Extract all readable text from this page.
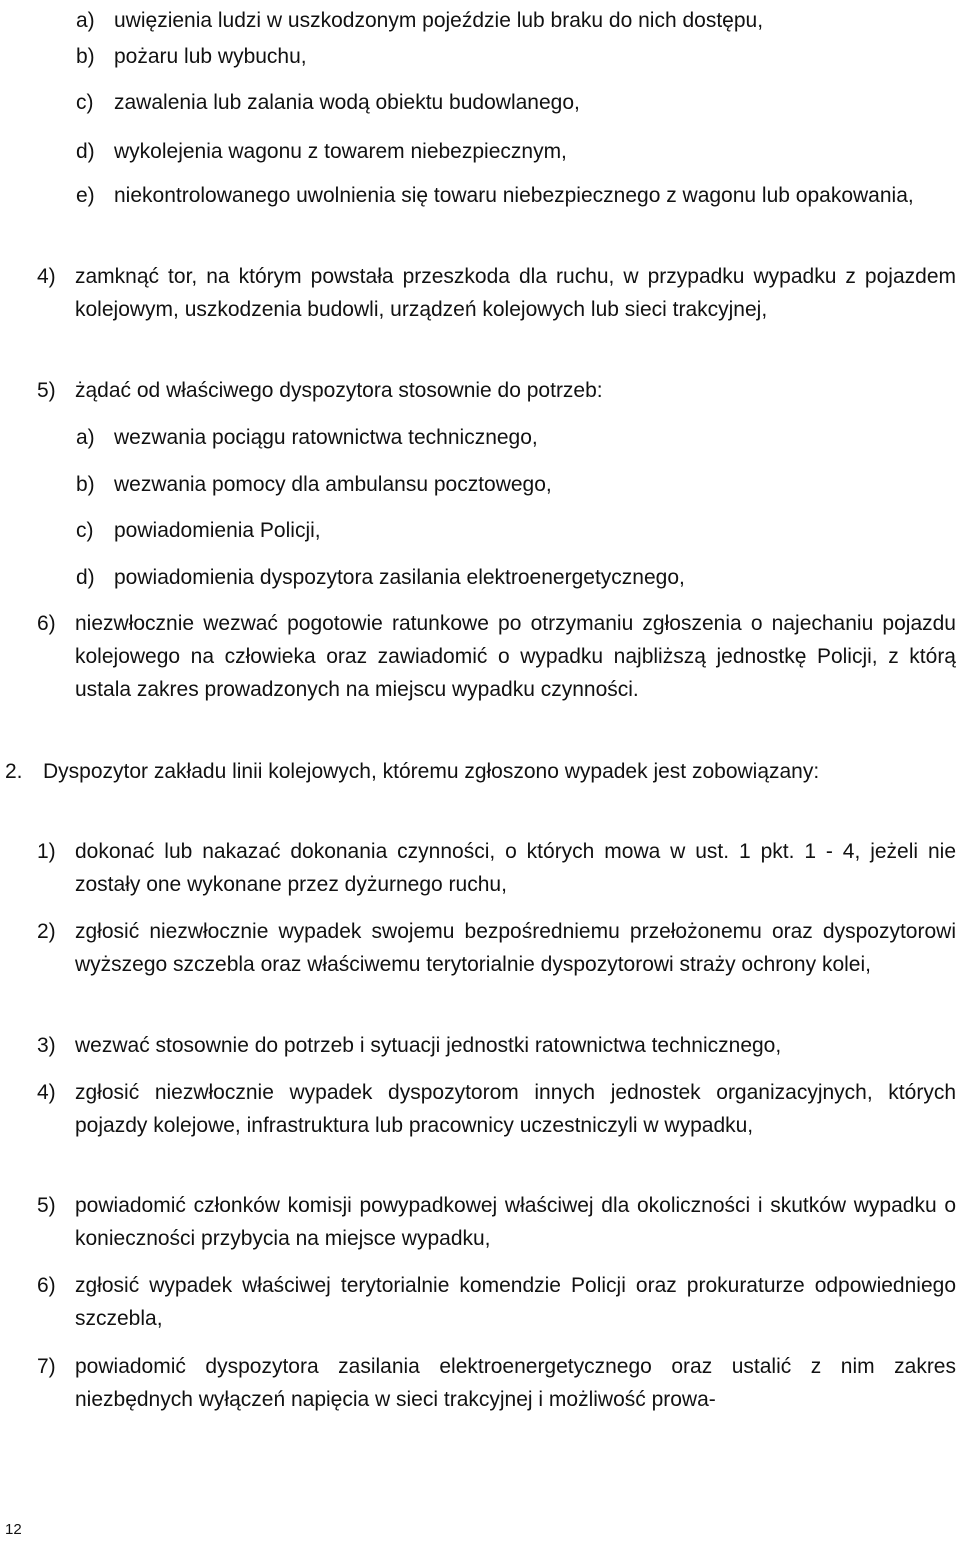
a) uwięzienia ludzi w uszkodzonym pojeździe lub braku do nich dostępu,
b) pożaru lub wybuchu,
c) zawalenia lub zalania wodą obiektu budowlanego,
d) wykolejenia wagonu z towarem niebezpiecznym,
e) niekontrolowanego uwolnienia się towaru niebezpiecznego z wagonu lub opakowania,
4) zamknąć tor, na którym powstała przeszkoda dla ruchu, w przypadku wypadku z pojazdem kolejowym, uszkodzenia budowli, urządzeń kolejowych lub sieci trakcyjnej,
5) żądać od właściwego dyspozytora stosownie do potrzeb:
a) wezwania pociągu ratownictwa technicznego,
b) wezwania pomocy dla ambulansu pocztowego,
c) powiadomienia Policji,
d) powiadomienia dyspozytora zasilania elektroenergetycznego,
6) niezwłocznie wezwać pogotowie ratunkowe po otrzymaniu zgłoszenia o najechaniu pojazdu kolejowego na człowieka oraz zawiadomić o wypadku najbliższą jednostkę Policji, z którą ustala zakres prowadzonych na miejscu wypadku czynności.
2. Dyspozytor zakładu linii kolejowych, któremu zgłoszono wypadek jest zobowiązany:
1) dokonać lub nakazać dokonania czynności, o których mowa w ust. 1 pkt. 1 - 4, jeżeli nie zostały one wykonane przez dyżurnego ruchu,
2) zgłosić niezwłocznie wypadek swojemu bezpośredniemu przełożonemu oraz dyspozytorowi wyższego szczebla oraz właściwemu terytorialnie dyspozytorowi straży ochrony kolei,
3) wezwać stosownie do potrzeb i sytuacji jednostki ratownictwa technicznego,
4) zgłosić niezwłocznie wypadek dyspozytorom innych jednostek organizacyjnych, których pojazdy kolejowe, infrastruktura lub pracownicy uczestniczyli w wypadku,
5) powiadomić członków komisji powypadkowej właściwej dla okoliczności i skutków wypadku o konieczności przybycia na miejsce wypadku,
6) zgłosić wypadek właściwej terytorialnie komendzie Policji oraz prokuraturze odpowiedniego szczebla,
7) powiadomić dyspozytora zasilania elektroenergetycznego oraz ustalić z nim zakres niezbędnych wyłączeń napięcia w sieci trakcyjnej i możliwość prowa-
12
